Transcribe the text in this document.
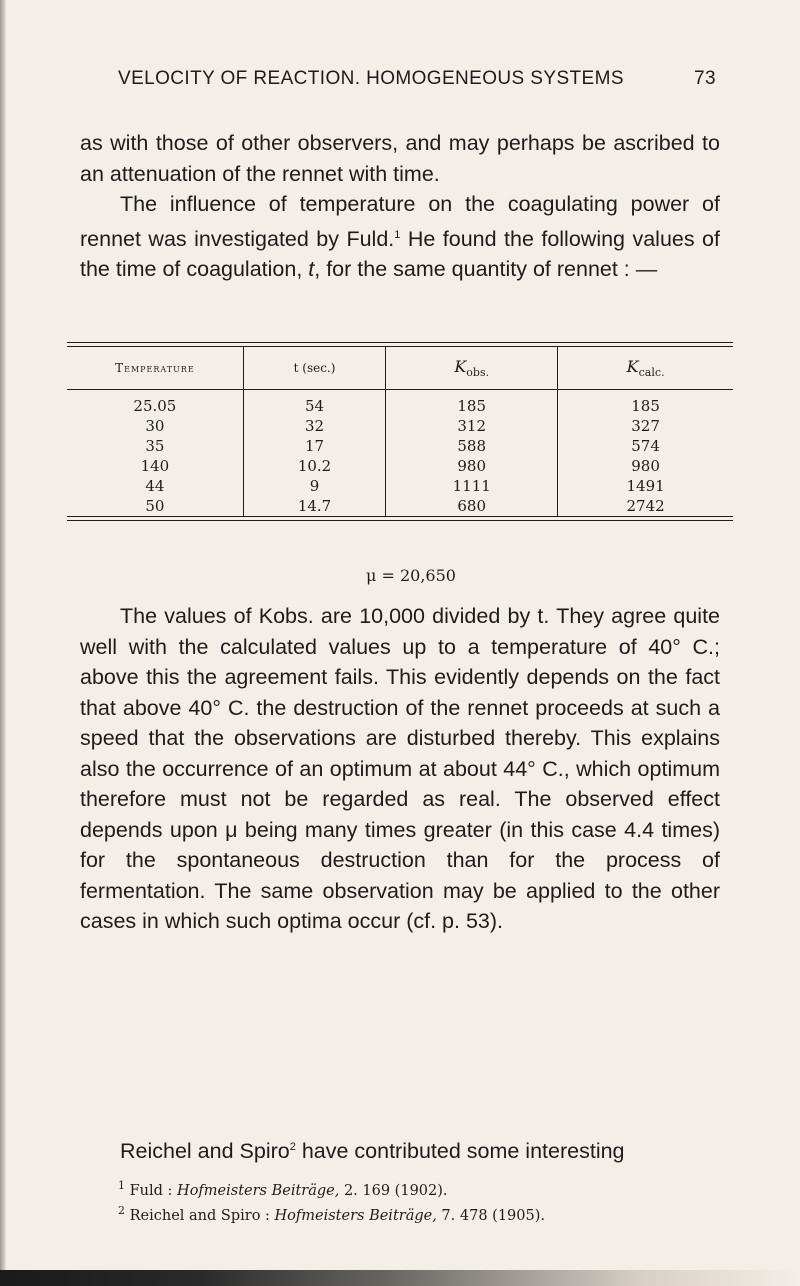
VELOCITY OF REACTION. HOMOGENEOUS SYSTEMS	73
as with those of other observers, and may perhaps be ascribed to an attenuation of the rennet with time.
The influence of temperature on the coagulating power of rennet was investigated by Fuld.$^1$ He found the following values of the time of coagulation, t, for the same quantity of rennet : —
Temperature	t (sec.)	Kobs.	Kcalc.
25.05	54	185	185
30	32	312	327
35	17	588	574
140	10.2	980	980
44	9	1111	1491
50	14.7	680	2742
μ = 20,650
The values of Kobs. are 10,000 divided by t. They agree quite well with the calculated values up to a temperature of 40° C.; above this the agreement fails. This evidently depends on the fact that above 40° C. the destruction of the rennet proceeds at such a speed that the observations are disturbed thereby. This explains also the occurrence of an optimum at about 44° C., which optimum therefore must not be regarded as real. The observed effect depends upon μ being many times greater (in this case 4.4 times) for the spontaneous destruction than for the process of fermentation. The same observation may be applied to the other cases in which such optima occur (cf. p. 53).
Reichel and Spiro$^2$ have contributed some interesting
$^1$ Fuld : Hofmeisters Beiträge, 2. 169 (1902).
$^2$ Reichel and Spiro : Hofmeisters Beiträge, 7. 478 (1905).
